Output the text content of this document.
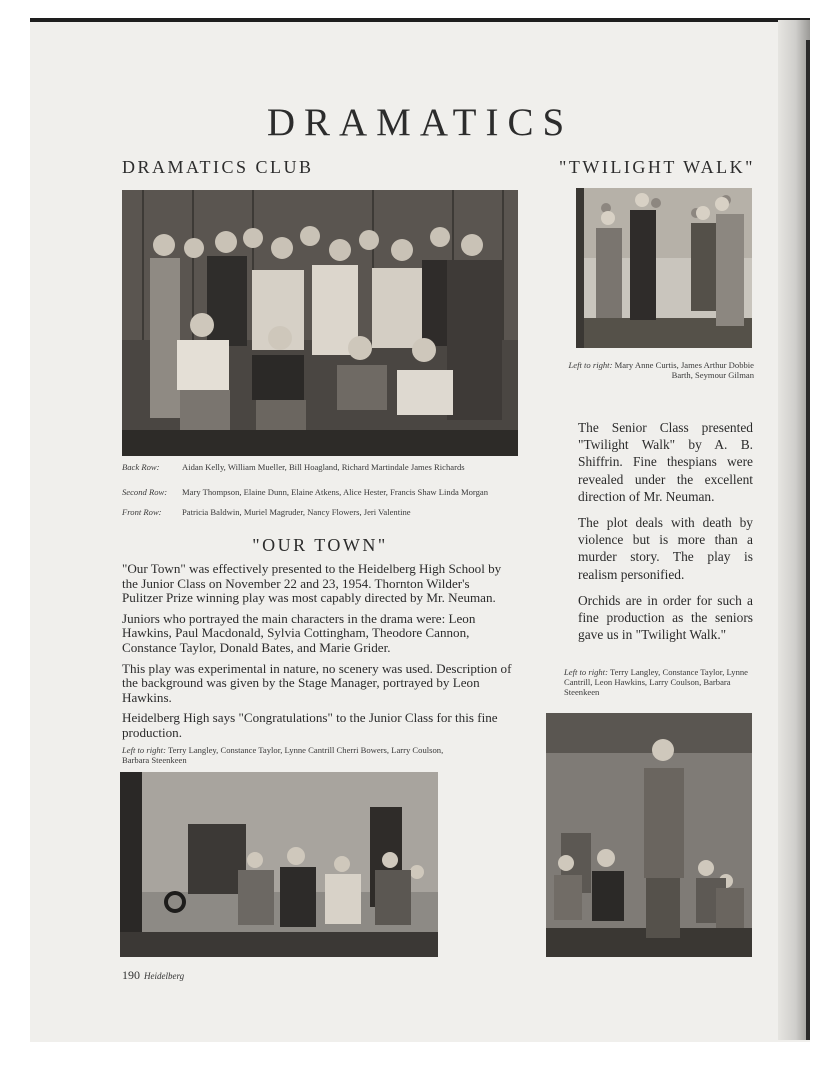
DRAMATICS
DRAMATICS CLUB
Back Row:	Aidan Kelly, William Mueller, Bill Hoagland, Richard Martindale James Richards
Second Row: Mary Thompson, Elaine Dunn, Elaine Atkens, Alice Hester, Francis Shaw Linda Morgan
Front Row: Patricia Baldwin, Muriel Magruder, Nancy Flowers, Jeri Valentine
"OUR TOWN"

"Our Town" was effectively presented to the Heidelberg High School by the Junior Class on November 22 and 23, 1954. Thornton Wilder's Pulitzer Prize winning play was most capably directed by Mr. Neuman.

Juniors who portrayed the main characters in the drama were: Leon Hawkins, Paul Macdonald, Sylvia Cottingham, Theodore Cannon, Constance Taylor, Donald Bates, and Marie Grider.

This play was experimental in nature, no scenery was used. Description of the background was given by the Stage Manager, portrayed by Leon Hawkins.

Heidelberg High says "Congratulations" to the Junior Class for this fine production.

Left to right: Terry Langley, Constance Taylor, Lynne Cantrill Cherri Bowers, Larry Coulson, Barbara Steenkeen
"TWILIGHT WALK"
Left to right: Mary Anne Curtis, James Arthur Dobbie Barth, Seymour Gilman

The Senior Class presented "Twilight Walk" by A. B. Shiffrin. Fine thespians were revealed under the excellent direction of Mr. Neuman.

The plot deals with death by violence but is more than a murder story. The play is realism personified.

Orchids are in order for such a fine production as the seniors gave us in "Twilight Walk."

Left to right: Terry Langley, Constance Taylor, Lynne Cantrill, Leon Hawkins, Larry Coulson, Barbara Steenkeen
190 Heidelberg
